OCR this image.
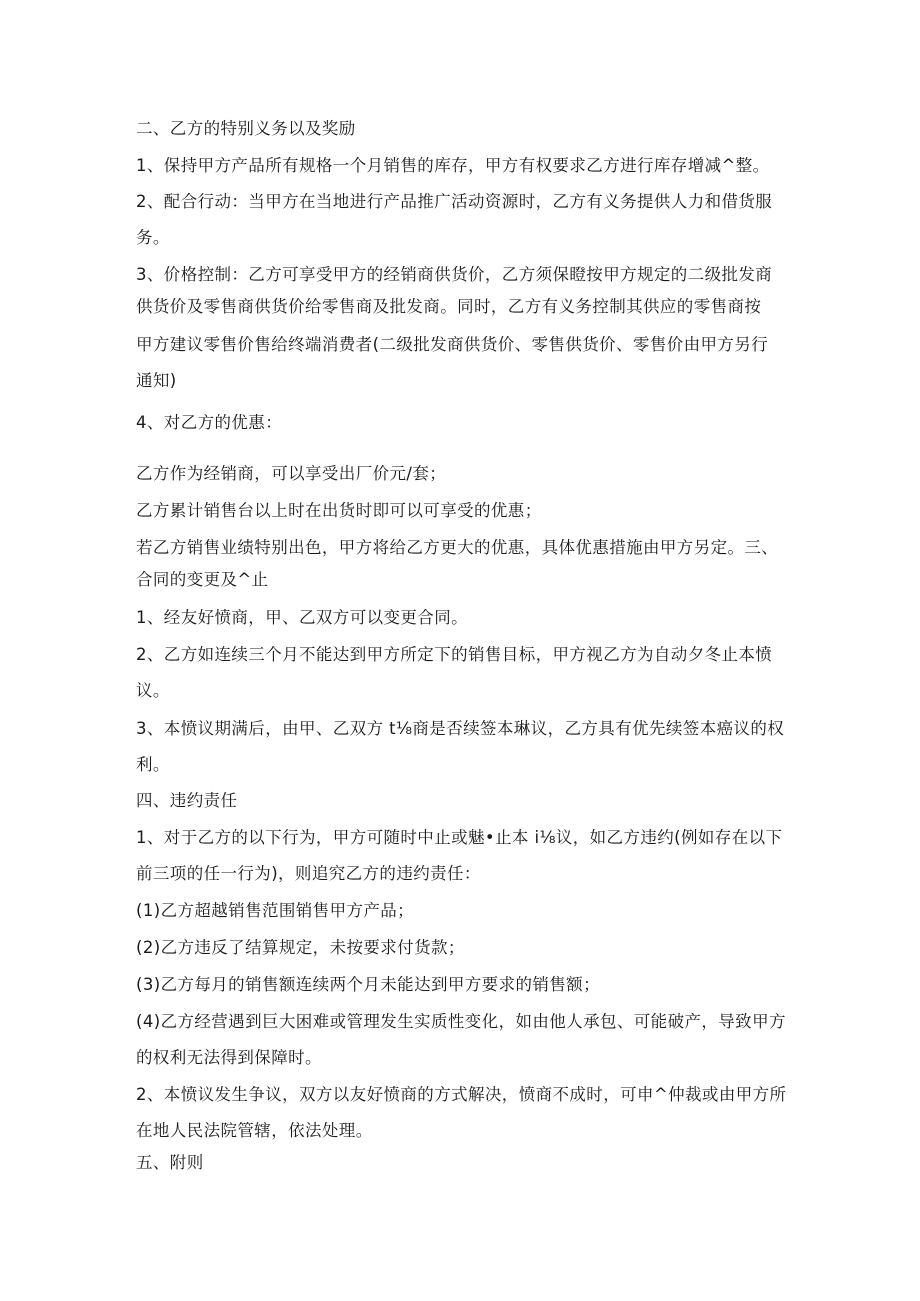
二、乙方的特别义务以及奖励
1、保持甲方产品所有规格一个月销售的库存，甲方有权要求乙方进行库存增减^整。
2、配合行动：当甲方在当地进行产品推广活动资源时，乙方有义务提供人力和借货服
务。
3、价格控制：乙方可享受甲方的经销商供货价，乙方须保瞪按甲方规定的二级批发商
供货价及零售商供货价给零售商及批发商。同时，乙方有义务控制其供应的零售商按
甲方建议零售价售给终端消费者(二级批发商供货价、零售供货价、零售价由甲方另行
通知)
4、对乙方的优惠：
乙方作为经销商，可以享受出厂价元/套；
乙方累计销售台以上时在出货时即可以可享受的优惠；
若乙方销售业绩特别出色，甲方将给乙方更大的优惠，具体优惠措施由甲方另定。三、
合同的变更及^止
1、经友好愤商，甲、乙双方可以变更合同。
2、乙方如连续三个月不能达到甲方所定下的销售目标，甲方视乙方为自动夕冬止本愤
议。
3、本愤议期满后，由甲、乙双方 t⅛商是否续签本琳议，乙方具有优先续签本癌议的权
利。
四、违约责任
1、对于乙方的以下行为，甲方可随时中止或魅•止本 i⅛议，如乙方违约(例如存在以下
前三项的任一行为)，则追究乙方的违约责任：
(1)乙方超越销售范围销售甲方产品；
(2)乙方违反了结算规定，未按要求付货款；
(3)乙方每月的销售额连续两个月未能达到甲方要求的销售额；
(4)乙方经营遇到巨大困难或管理发生实质性变化，如由他人承包、可能破产，导致甲方
的权利无法得到保障时。
2、本愤议发生争议，双方以友好愤商的方式解决，愤商不成时，可申^仲裁或由甲方所
在地人民法院管辖，依法处理。
五、附则
